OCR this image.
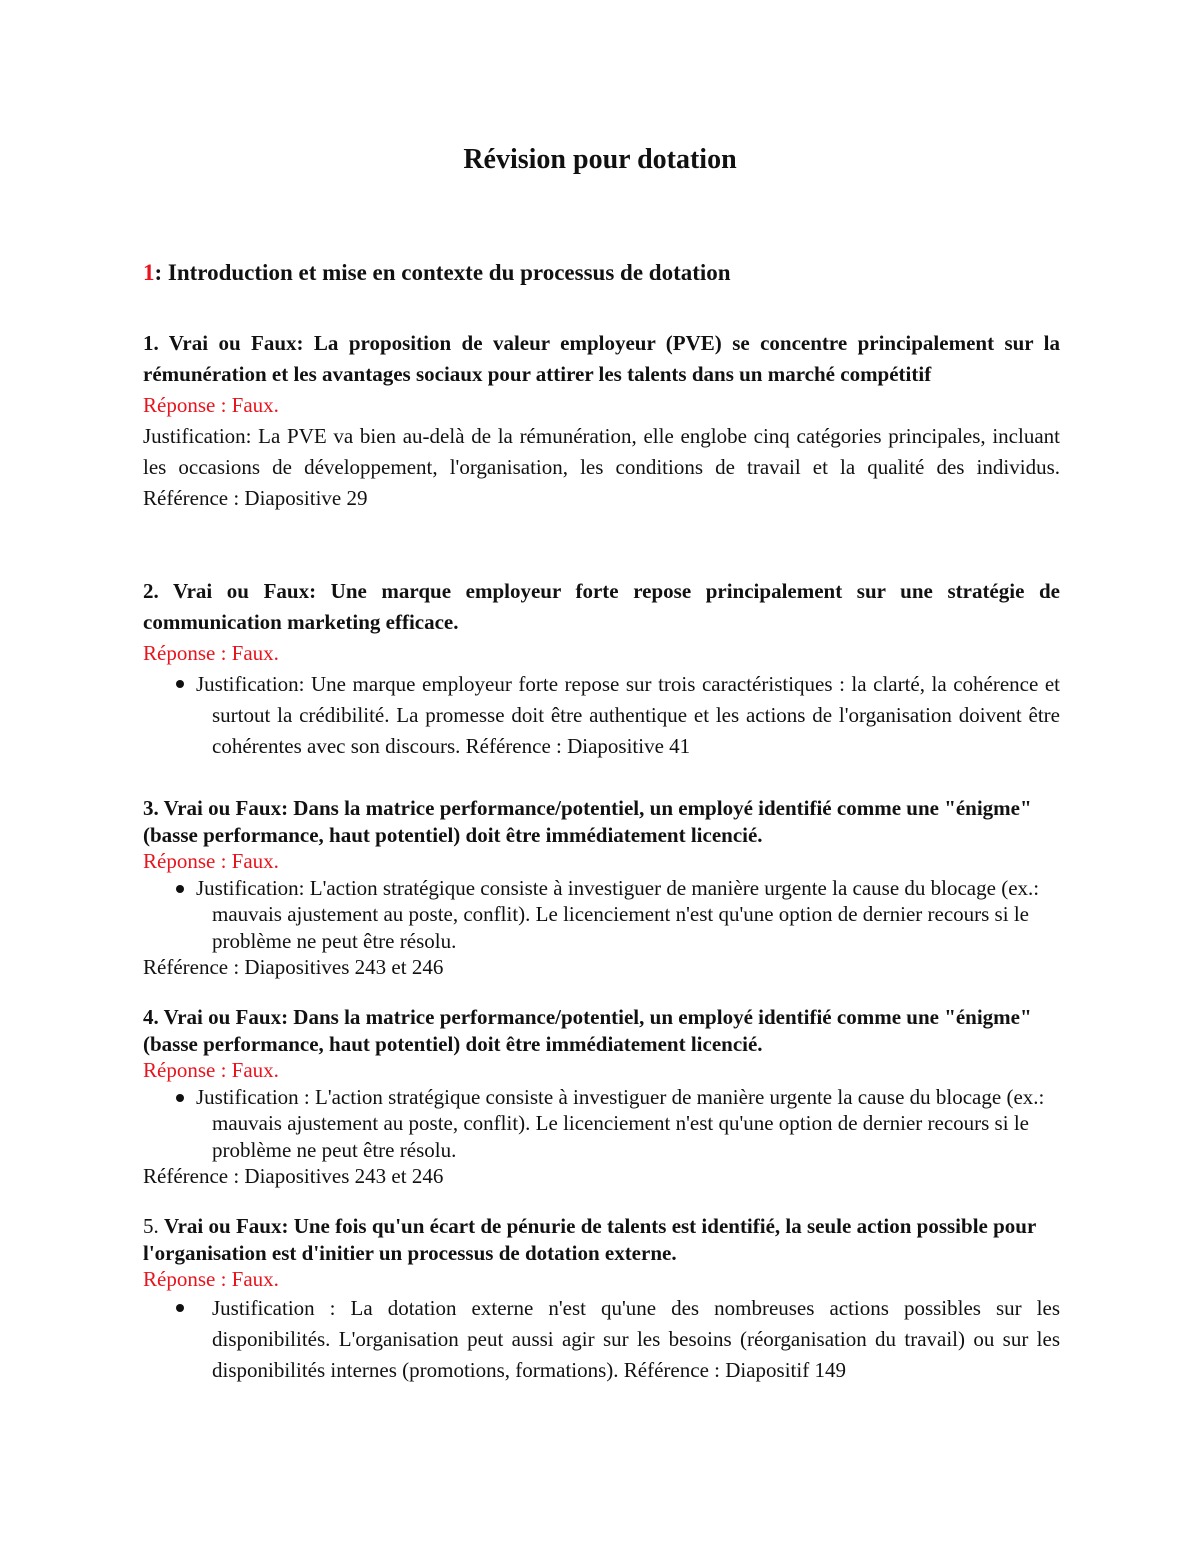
Révision pour dotation
1: Introduction et mise en contexte du processus de dotation
1. Vrai ou Faux: La proposition de valeur employeur (PVE) se concentre principalement sur la rémunération et les avantages sociaux pour attirer les talents dans un marché compétitif
Réponse : Faux.
Justification: La PVE va bien au-delà de la rémunération, elle englobe cinq catégories principales, incluant les occasions de développement, l'organisation, les conditions de travail et la qualité des individus. Référence : Diapositive 29
2. Vrai ou Faux: Une marque employeur forte repose principalement sur une stratégie de communication marketing efficace.
Réponse : Faux.
Justification: Une marque employeur forte repose sur trois caractéristiques : la clarté, la cohérence et surtout la crédibilité. La promesse doit être authentique et les actions de l'organisation doivent être cohérentes avec son discours. Référence : Diapositive 41
3. Vrai ou Faux: Dans la matrice performance/potentiel, un employé identifié comme une "énigme" (basse performance, haut potentiel) doit être immédiatement licencié.
Réponse : Faux.
Justification: L'action stratégique consiste à investiguer de manière urgente la cause du blocage (ex.: mauvais ajustement au poste, conflit). Le licenciement n'est qu'une option de dernier recours si le problème ne peut être résolu.
Référence : Diapositives 243 et 246
4. Vrai ou Faux: Dans la matrice performance/potentiel, un employé identifié comme une "énigme" (basse performance, haut potentiel) doit être immédiatement licencié.
Réponse : Faux.
Justification : L'action stratégique consiste à investiguer de manière urgente la cause du blocage (ex.: mauvais ajustement au poste, conflit). Le licenciement n'est qu'une option de dernier recours si le problème ne peut être résolu.
Référence : Diapositives 243 et 246
5. Vrai ou Faux: Une fois qu'un écart de pénurie de talents est identifié, la seule action possible pour l'organisation est d'initier un processus de dotation externe.
Réponse : Faux.
Justification : La dotation externe n'est qu'une des nombreuses actions possibles sur les disponibilités. L'organisation peut aussi agir sur les besoins (réorganisation du travail) ou sur les disponibilités internes (promotions, formations). Référence : Diapositif 149
